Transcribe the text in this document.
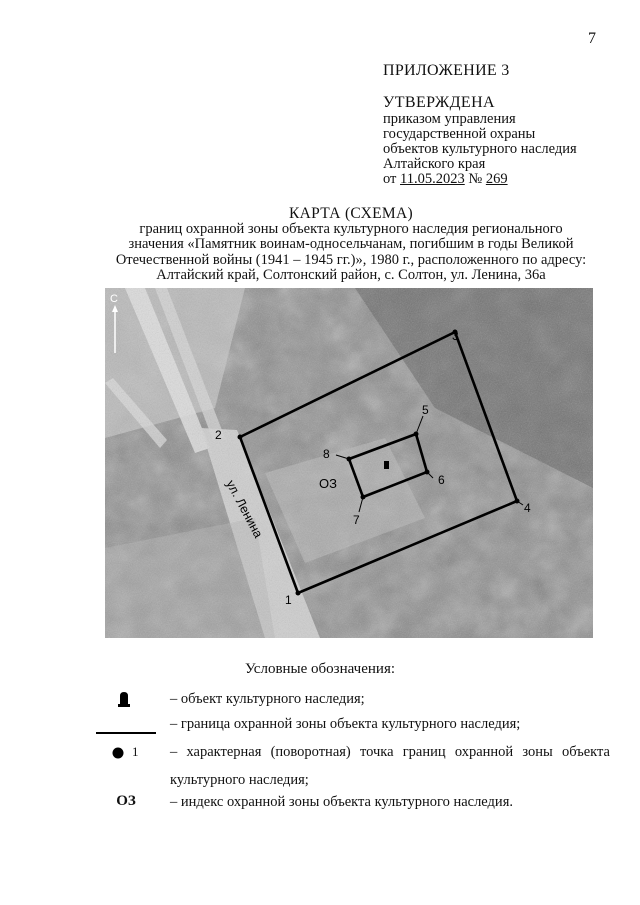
7
ПРИЛОЖЕНИЕ 3
УТВЕРЖДЕНА
приказом управления
государственной охраны
объектов культурного наследия
Алтайского края
от 11.05.2023 № 269
КАРТА (СХЕМА)
границ охранной зоны объекта культурного наследия регионального
значения «Памятник воинам-односельчанам, погибшим в годы Великой
Отечественной войны (1941 – 1945 гг.)», 1980 г., расположенного по адресу:
Алтайский край, Солтонский район, с. Солтон, ул. Ленина, 36а
С
1
2
3
4
5
6
7
8
ОЗ
ул. Ленина
Условные обозначения:
– объект культурного наследия;
– граница охранной зоны объекта культурного наследия;
1 – характерная (поворотная) точка границ охранной зоны объекта культурного наследия;
ОЗ	– индекс охранной зоны объекта культурного наследия.
